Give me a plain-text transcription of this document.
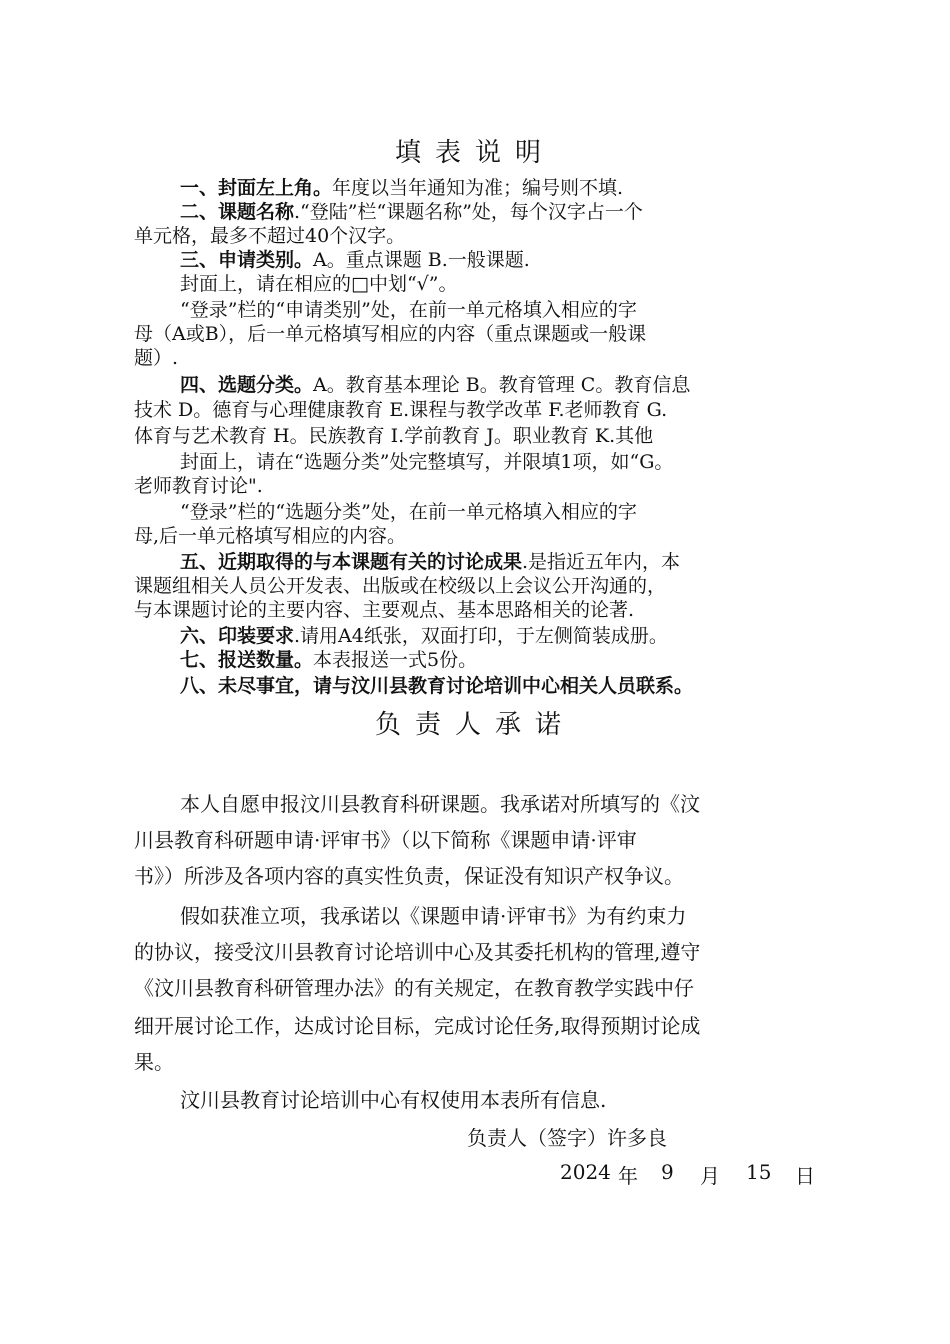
填表说明
一、封面左上角。年度以当年通知为准；编号则不填.
二、课题名称.“登陆”栏“课题名称”处，每个汉字占一个
单元格，最多不超过40个汉字。
三、申请类别。A。重点课题 B.一般课题.
封面上，请在相应的□中划“√”。
“登录”栏的“申请类别”处，在前一单元格填入相应的字
母（A或B），后一单元格填写相应的内容（重点课题或一般课
题）.
四、选题分类。A。教育基本理论 B。教育管理 C。教育信息
技术 D。德育与心理健康教育 E.课程与教学改革 F.老师教育 G.
体育与艺术教育 H。民族教育 I.学前教育 J。职业教育 K.其他
封面上，请在“选题分类”处完整填写，并限填1项，如“G。
老师教育讨论".
“登录”栏的“选题分类”处，在前一单元格填入相应的字
母,后一单元格填写相应的内容。
五、近期取得的与本课题有关的讨论成果.是指近五年内，本
课题组相关人员公开发表、出版或在校级以上会议公开沟通的，
与本课题讨论的主要内容、主要观点、基本思路相关的论著.
六、印装要求.请用A4纸张，双面打印，于左侧简装成册。
七、报送数量。本表报送一式5份。
八、未尽事宜，请与汶川县教育讨论培训中心相关人员联系。
负责人承诺
本人自愿申报汶川县教育科研课题。我承诺对所填写的《汶
川县教育科研题申请·评审书》（以下简称《课题申请·评审
书》）所涉及各项内容的真实性负责，保证没有知识产权争议。
假如获准立项，我承诺以《课题申请·评审书》为有约束力
的协议，接受汶川县教育讨论培训中心及其委托机构的管理,遵守
《汶川县教育科研管理办法》的有关规定，在教育教学实践中仔
细开展讨论工作，达成讨论目标，完成讨论任务,取得预期讨论成
果。
汶川县教育讨论培训中心有权使用本表所有信息.
负责人（签字）许多良
2024 年 9 月 15 日
